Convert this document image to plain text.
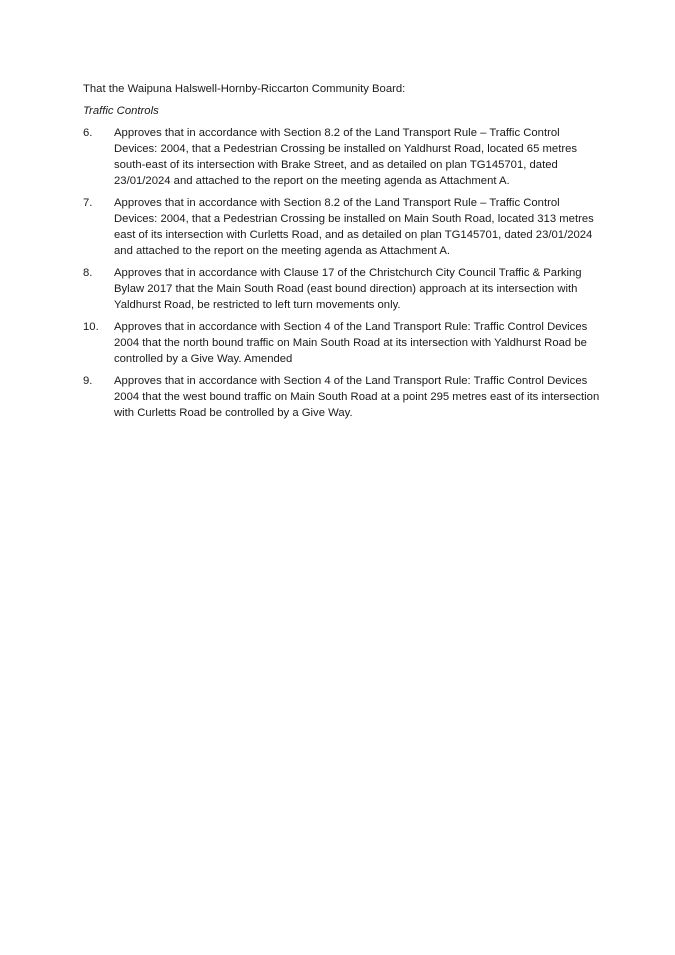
That the Waipuna Halswell-Hornby-Riccarton Community Board:

Traffic Controls

6.	Approves that in accordance with Section 8.2 of the Land Transport Rule – Traffic Control Devices: 2004, that a Pedestrian Crossing be installed on Yaldhurst Road, located 65 metres south-east of its intersection with Brake Street, and as detailed on plan TG145701, dated 23/01/2024 and attached to the report on the meeting agenda as Attachment A.
7.	Approves that in accordance with Section 8.2 of the Land Transport Rule – Traffic Control Devices: 2004, that a Pedestrian Crossing be installed on Main South Road, located 313 metres east of its intersection with Curletts Road, and as detailed on plan TG145701, dated 23/01/2024 and attached to the report on the meeting agenda as Attachment A.
8.	Approves that in accordance with Clause 17 of the Christchurch City Council Traffic & Parking Bylaw 2017 that the Main South Road (east bound direction) approach at its intersection with Yaldhurst Road, be restricted to left turn movements only.
10.	Approves that in accordance with Section 4 of the Land Transport Rule: Traffic Control Devices 2004 that the north bound traffic on Main South Road at its intersection with Yaldhurst Road be controlled by a Give Way. Amended
9.	Approves that in accordance with Section 4 of the Land Transport Rule: Traffic Control Devices 2004 that the west bound traffic on Main South Road at a point 295 metres east of its intersection with Curletts Road be controlled by a Give Way.
